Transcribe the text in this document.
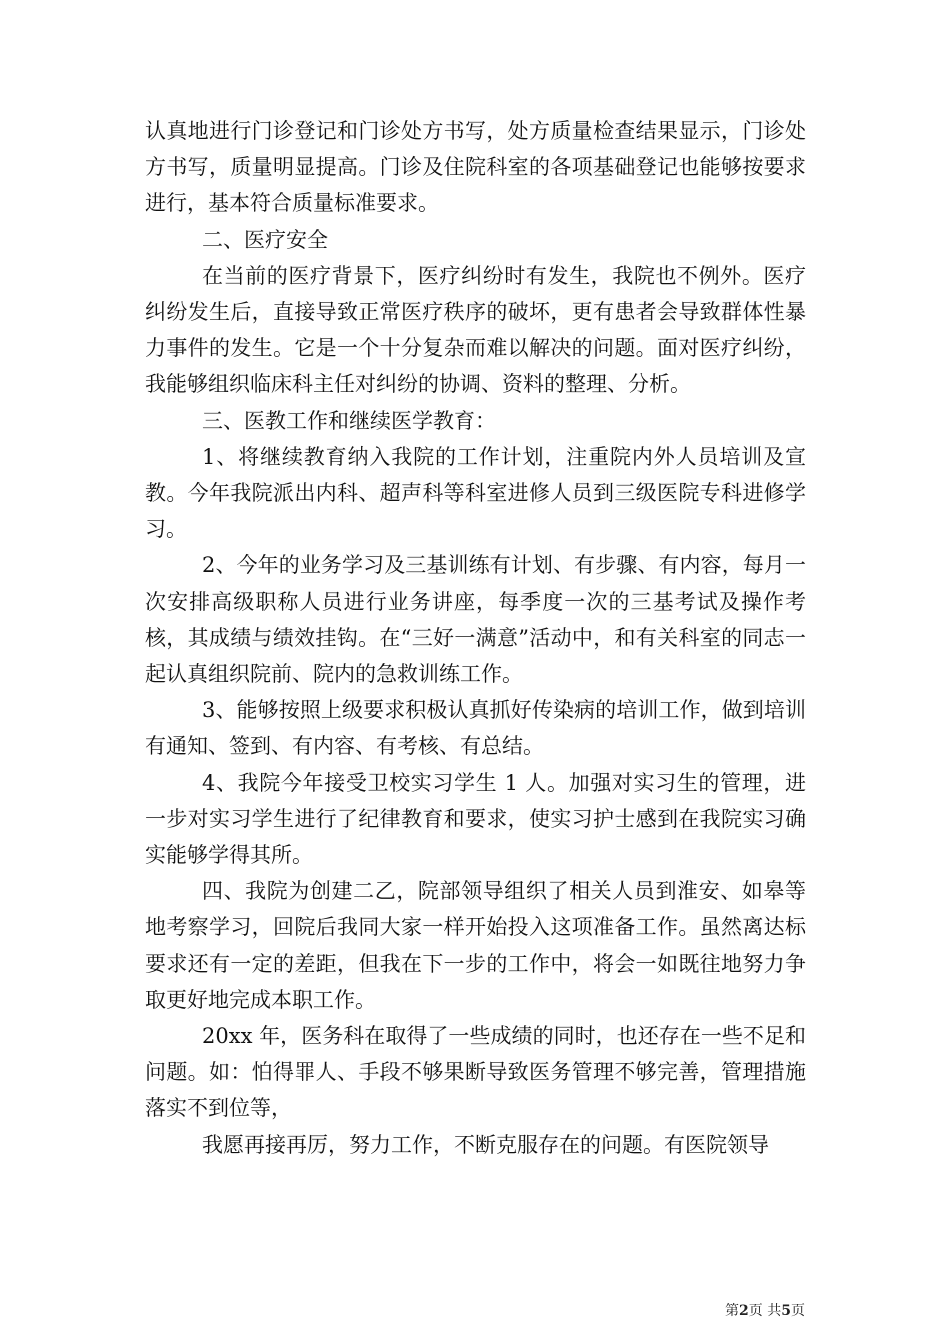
认真地进行门诊登记和门诊处方书写，处方质量检查结果显示，门诊处方书写，质量明显提高。门诊及住院科室的各项基础登记也能够按要求进行，基本符合质量标准要求。

二、医疗安全

在当前的医疗背景下，医疗纠纷时有发生，我院也不例外。医疗纠纷发生后，直接导致正常医疗秩序的破坏，更有患者会导致群体性暴力事件的发生。它是一个十分复杂而难以解决的问题。面对医疗纠纷，我能够组织临床科主任对纠纷的协调、资料的整理、分析。

三、医教工作和继续医学教育：

1、将继续教育纳入我院的工作计划，注重院内外人员培训及宣教。今年我院派出内科、超声科等科室进修人员到三级医院专科进修学习。

2、今年的业务学习及三基训练有计划、有步骤、有内容，每月一次安排高级职称人员进行业务讲座，每季度一次的三基考试及操作考核，其成绩与绩效挂钩。在“三好一满意”活动中，和有关科室的同志一起认真组织院前、院内的急救训练工作。

3、能够按照上级要求积极认真抓好传染病的培训工作，做到培训有通知、签到、有内容、有考核、有总结。

4、我院今年接受卫校实习学生 1 人。加强对实习生的管理，进一步对实习学生进行了纪律教育和要求，使实习护士感到在我院实习确实能够学得其所。

四、我院为创建二乙，院部领导组织了相关人员到淮安、如皋等地考察学习，回院后我同大家一样开始投入这项准备工作。虽然离达标要求还有一定的差距，但我在下一步的工作中，将会一如既往地努力争取更好地完成本职工作。

20xx 年，医务科在取得了一些成绩的同时，也还存在一些不足和问题。如：怕得罪人、手段不够果断导致医务管理不够完善，管理措施落实不到位等，

我愿再接再厉，努力工作，不断克服存在的问题。有医院领导

第2页 共5页
